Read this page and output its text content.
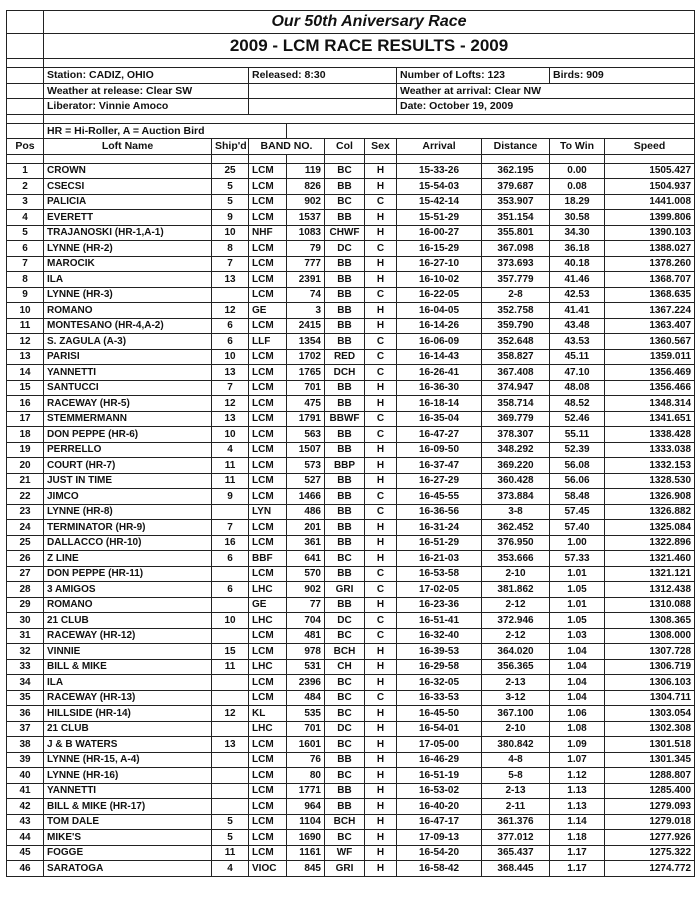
	Our 50th Aniversary Race									
	2009 - LCM RACE RESULTS - 2009									

	Station: CADIZ, OHIO		Released: 8:30				Number of Lofts: 123		Birds: 909	
	Weather at release: Clear SW						Weather at arrival: Clear NW			
	Liberator: Vinnie Amoco						Date: October 19, 2009			

	HR = Hi-Roller, A = Auction Bird									
Pos	Loft Name	Ship'd	BAND NO.		Col	Sex	Arrival	Distance	To Win	Speed

1	CROWN	25	LCM	119	BC	H	15-33-26	362.195	0.00	1505.427
2	CSECSI	5	LCM	826	BB	H	15-54-03	379.687	0.08	1504.937
3	PALICIA	5	LCM	902	BC	C	15-42-14	353.907	18.29	1441.008
4	EVERETT	9	LCM	1537	BB	H	15-51-29	351.154	30.58	1399.806
5	TRAJANOSKI (HR-1,A-1)	10	NHF	1083	CHWF	H	16-00-27	355.801	34.30	1390.103
6	LYNNE (HR-2)	8	LCM	79	DC	C	16-15-29	367.098	36.18	1388.027
7	MAROCIK	7	LCM	777	BB	H	16-27-10	373.693	40.18	1378.260
8	ILA	13	LCM	2391	BB	H	16-10-02	357.779	41.46	1368.707
9	LYNNE (HR-3)		LCM	74	BB	C	16-22-05	2-8	42.53	1368.635
10	ROMANO	12	GE	3	BB	H	16-04-05	352.758	41.41	1367.224
11	MONTESANO (HR-4,A-2)	6	LCM	2415	BB	H	16-14-26	359.790	43.48	1363.407
12	S. ZAGULA (A-3)	6	LLF	1354	BB	C	16-06-09	352.648	43.53	1360.567
13	PARISI	10	LCM	1702	RED	C	16-14-43	358.827	45.11	1359.011
14	YANNETTI	13	LCM	1765	DCH	C	16-26-41	367.408	47.10	1356.469
15	SANTUCCI	7	LCM	701	BB	H	16-36-30	374.947	48.08	1356.466
16	RACEWAY (HR-5)	12	LCM	475	BB	H	16-18-14	358.714	48.52	1348.314
17	STEMMERMANN	13	LCM	1791	BBWF	C	16-35-04	369.779	52.46	1341.651
18	DON PEPPE (HR-6)	10	LCM	563	BB	C	16-47-27	378.307	55.11	1338.428
19	PERRELLO	4	LCM	1507	BB	H	16-09-50	348.292	52.39	1333.038
20	COURT (HR-7)	11	LCM	573	BBP	H	16-37-47	369.220	56.08	1332.153
21	JUST IN TIME	11	LCM	527	BB	H	16-27-29	360.428	56.06	1328.530
22	JIMCO	9	LCM	1466	BB	C	16-45-55	373.884	58.48	1326.908
23	LYNNE (HR-8)		LYN	486	BB	C	16-36-56	3-8	57.45	1326.882
24	TERMINATOR (HR-9)	7	LCM	201	BB	H	16-31-24	362.452	57.40	1325.084
25	DALLACCO (HR-10)	16	LCM	361	BB	H	16-51-29	376.950	1.00	1322.896
26	Z LINE	6	BBF	641	BC	H	16-21-03	353.666	57.33	1321.460
27	DON PEPPE (HR-11)		LCM	570	BB	C	16-53-58	2-10	1.01	1321.121
28	3 AMIGOS	6	LHC	902	GRI	C	17-02-05	381.862	1.05	1312.438
29	ROMANO		GE	77	BB	H	16-23-36	2-12	1.01	1310.088
30	21 CLUB	10	LHC	704	DC	C	16-51-41	372.946	1.05	1308.365
31	RACEWAY (HR-12)		LCM	481	BC	C	16-32-40	2-12	1.03	1308.000
32	VINNIE	15	LCM	978	BCH	H	16-39-53	364.020	1.04	1307.728
33	BILL & MIKE	11	LHC	531	CH	H	16-29-58	356.365	1.04	1306.719
34	ILA		LCM	2396	BC	H	16-32-05	2-13	1.04	1306.103
35	RACEWAY (HR-13)		LCM	484	BC	C	16-33-53	3-12	1.04	1304.711
36	HILLSIDE (HR-14)	12	KL	535	BC	H	16-45-50	367.100	1.06	1303.054
37	21 CLUB		LHC	701	DC	H	16-54-01	2-10	1.08	1302.308
38	J & B WATERS	13	LCM	1601	BC	H	17-05-00	380.842	1.09	1301.518
39	LYNNE (HR-15, A-4)		LCM	76	BB	H	16-46-29	4-8	1.07	1301.345
40	LYNNE (HR-16)		LCM	80	BC	H	16-51-19	5-8	1.12	1288.807
41	YANNETTI		LCM	1771	BB	H	16-53-02	2-13	1.13	1285.400
42	BILL & MIKE (HR-17)		LCM	964	BB	H	16-40-20	2-11	1.13	1279.093
43	TOM DALE	5	LCM	1104	BCH	H	16-47-17	361.376	1.14	1279.018
44	MIKE'S	5	LCM	1690	BC	H	17-09-13	377.012	1.18	1277.926
45	FOGGE	11	LCM	1161	WF	H	16-54-20	365.437	1.17	1275.322
46	SARATOGA	4	VIOC	845	GRI	H	16-58-42	368.445	1.17	1274.772
